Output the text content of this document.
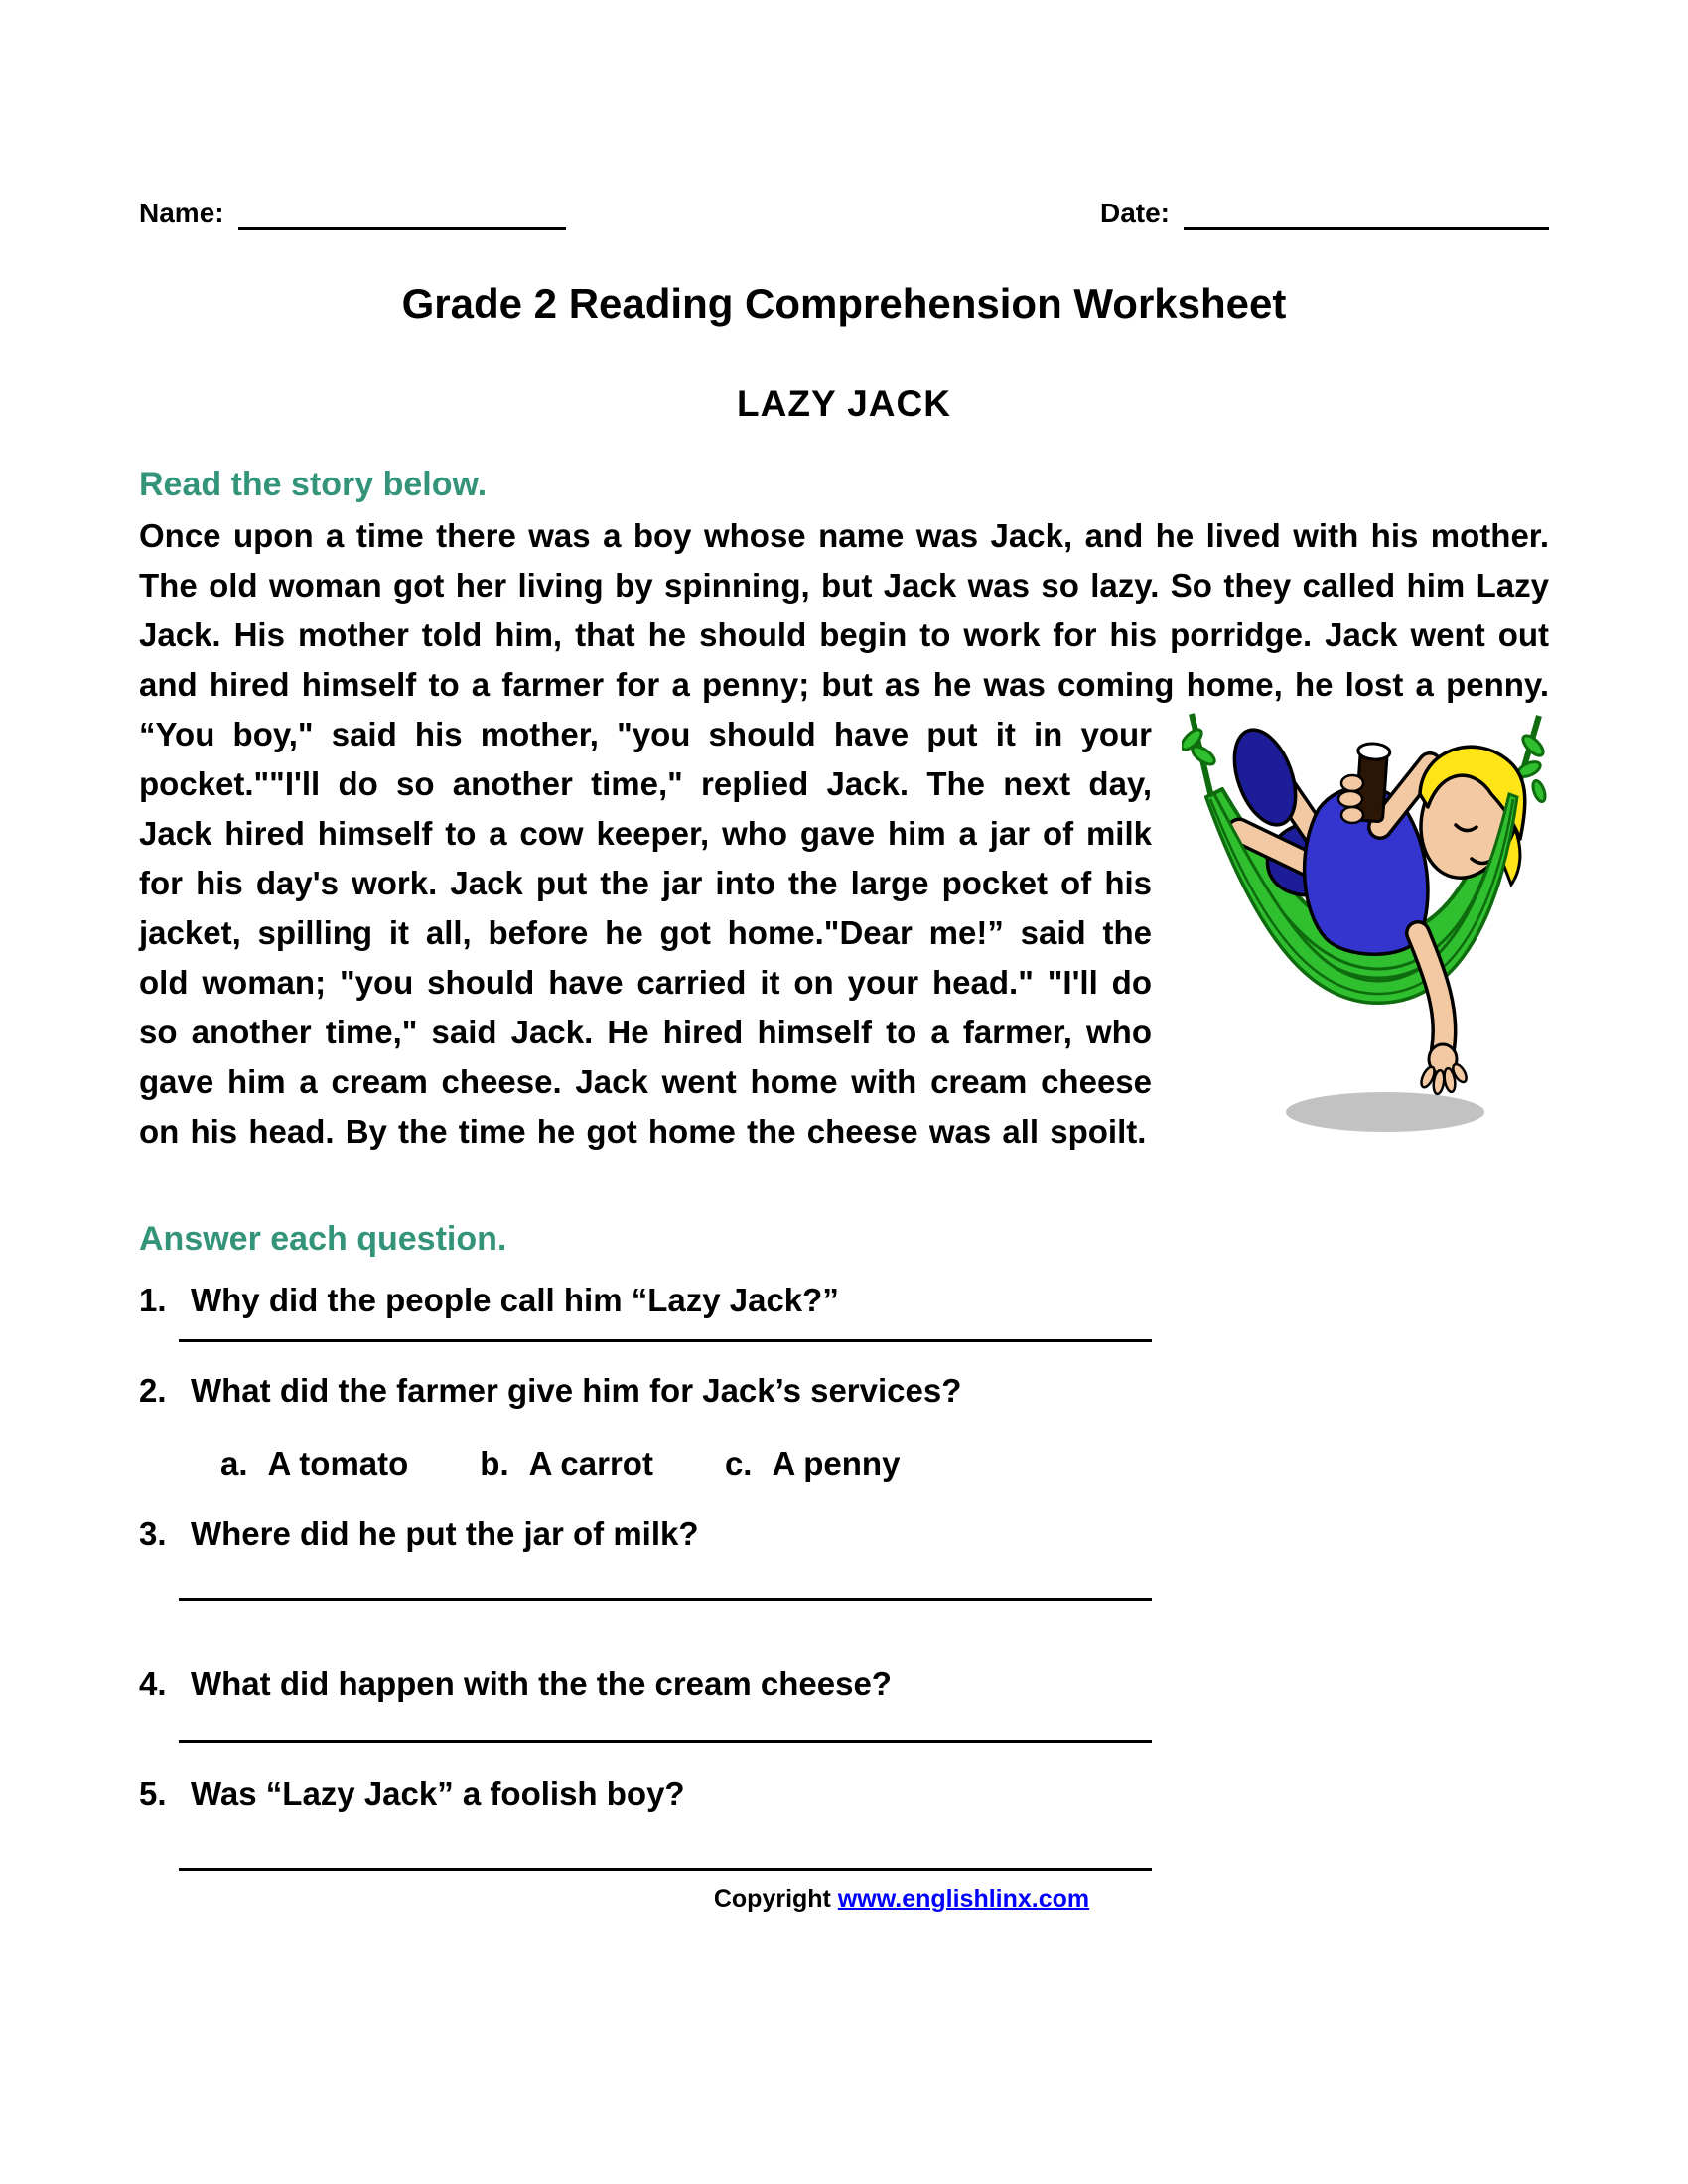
Name:	Date:
Grade 2 Reading Comprehension Worksheet
LAZY JACK
Read the story below.
Once upon a time there was a boy whose name was Jack, and he lived with his mother. The old woman got her living by spinning, but Jack was so lazy. So they called him Lazy Jack. His mother told him, that he should begin to work for his porridge. Jack went out and hired himself to a farmer for a penny; but as he was coming home, he lost a penny. “You boy," said his mother, "you should have put it in your pocket.""I'll do so another time," replied Jack. The next day, Jack hired himself to a cow keeper, who gave him a jar of milk for his day's work. Jack put the jar into the large pocket of his jacket, spilling it all, before he got home."Dear me!” said the old woman; "you should have carried it on your head." "I'll do so another time," said Jack. He hired himself to a farmer, who gave him a cream cheese. Jack went home with cream cheese on his head. By the time he got home the cheese was all spoilt.
Answer each question.
1. Why did the people call him “Lazy Jack?”
2. What did the farmer give him for Jack’s services?
a. A tomato b. A carrot c. A penny
3. Where did he put the jar of milk?
4. What did happen with the the cream cheese?
5. Was “Lazy Jack” a foolish boy?
Copyright www.englishlinx.com
